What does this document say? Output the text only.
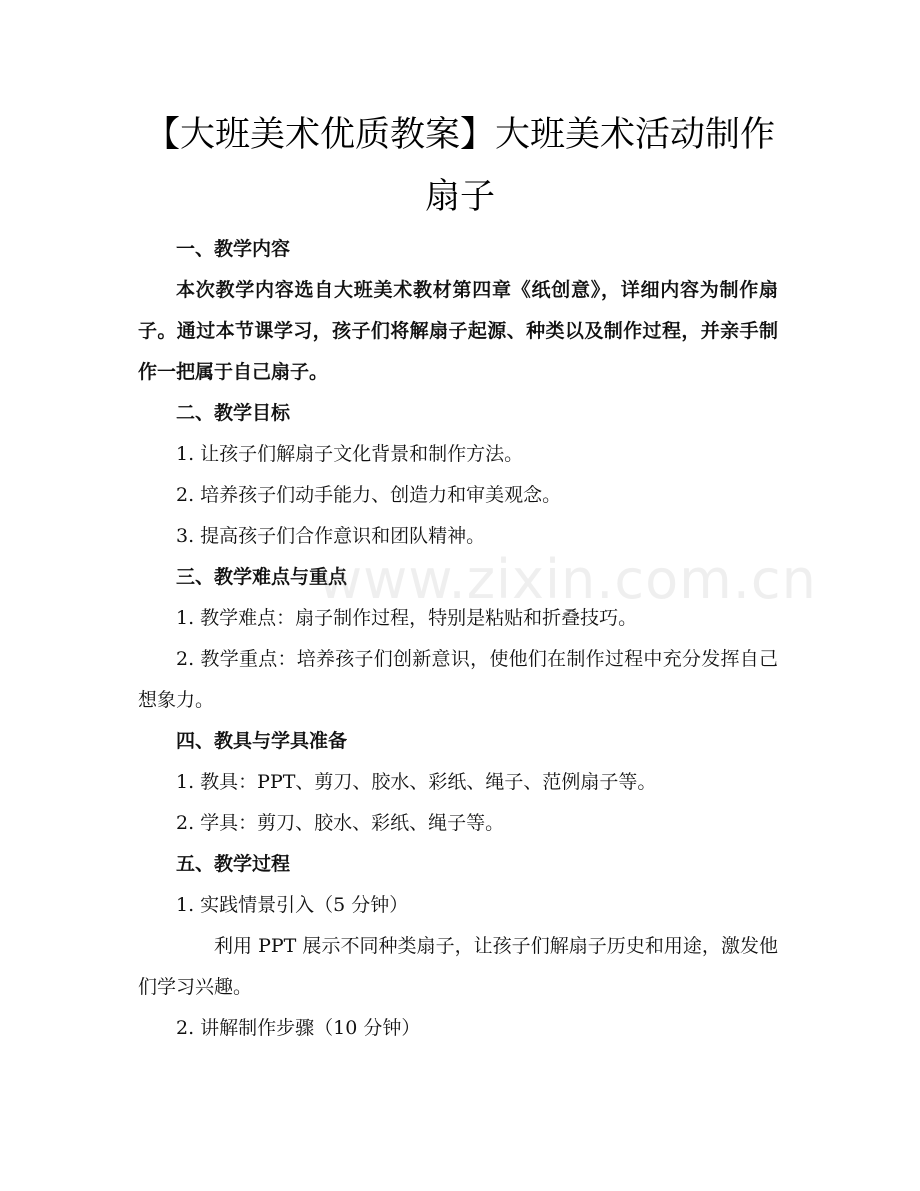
【大班美术优质教案】大班美术活动制作扇子

一、教学内容

本次教学内容选自大班美术教材第四章《纸创意》，详细内容为制作扇子。通过本节课学习，孩子们将解扇子起源、种类以及制作过程，并亲手制作一把属于自己扇子。

二、教学目标

1. 让孩子们解扇子文化背景和制作方法。

2. 培养孩子们动手能力、创造力和审美观念。

3. 提高孩子们合作意识和团队精神。

三、教学难点与重点

1. 教学难点：扇子制作过程，特别是粘贴和折叠技巧。

2. 教学重点：培养孩子们创新意识，使他们在制作过程中充分发挥自己想象力。

四、教具与学具准备

1. 教具：PPT、剪刀、胶水、彩纸、绳子、范例扇子等。

2. 学具：剪刀、胶水、彩纸、绳子等。

五、教学过程

1. 实践情景引入（5 分钟）

利用 PPT 展示不同种类扇子，让孩子们解扇子历史和用途，激发他们学习兴趣。

2. 讲解制作步骤（10 分钟）

www.zixin.com.cn
